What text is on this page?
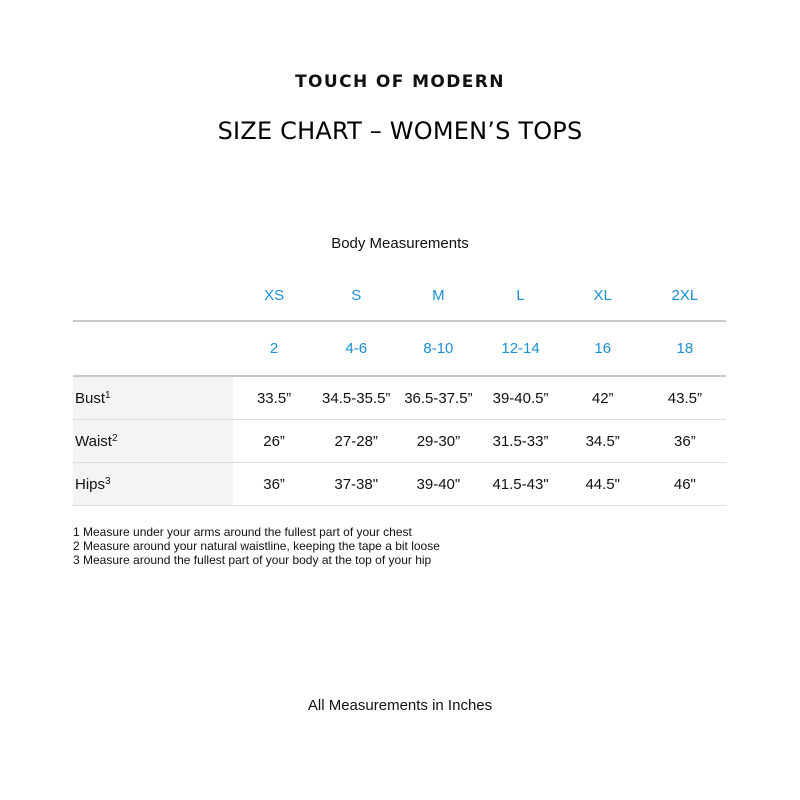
TOUCH OF MODERN
SIZE CHART – WOMEN’S TOPS
Body Measurements
	XS	S	M	L	XL	2XL
	2	4-6	8-10	12-14	16	18
Bust$^1$	33.5”	34.5-35.5”	36.5-37.5”	39-40.5”	42”	43.5”
Waist$^2$	26”	27-28”	29-30”	31.5-33”	34.5”	36”
Hips$^3$	36”	37-38"	39-40"	41.5-43"	44.5"	46"
1 Measure under your arms around the fullest part of your chest
2 Measure around your natural waistline, keeping the tape a bit loose
3 Measure around the fullest part of your body at the top of your hip
All Measurements in Inches
